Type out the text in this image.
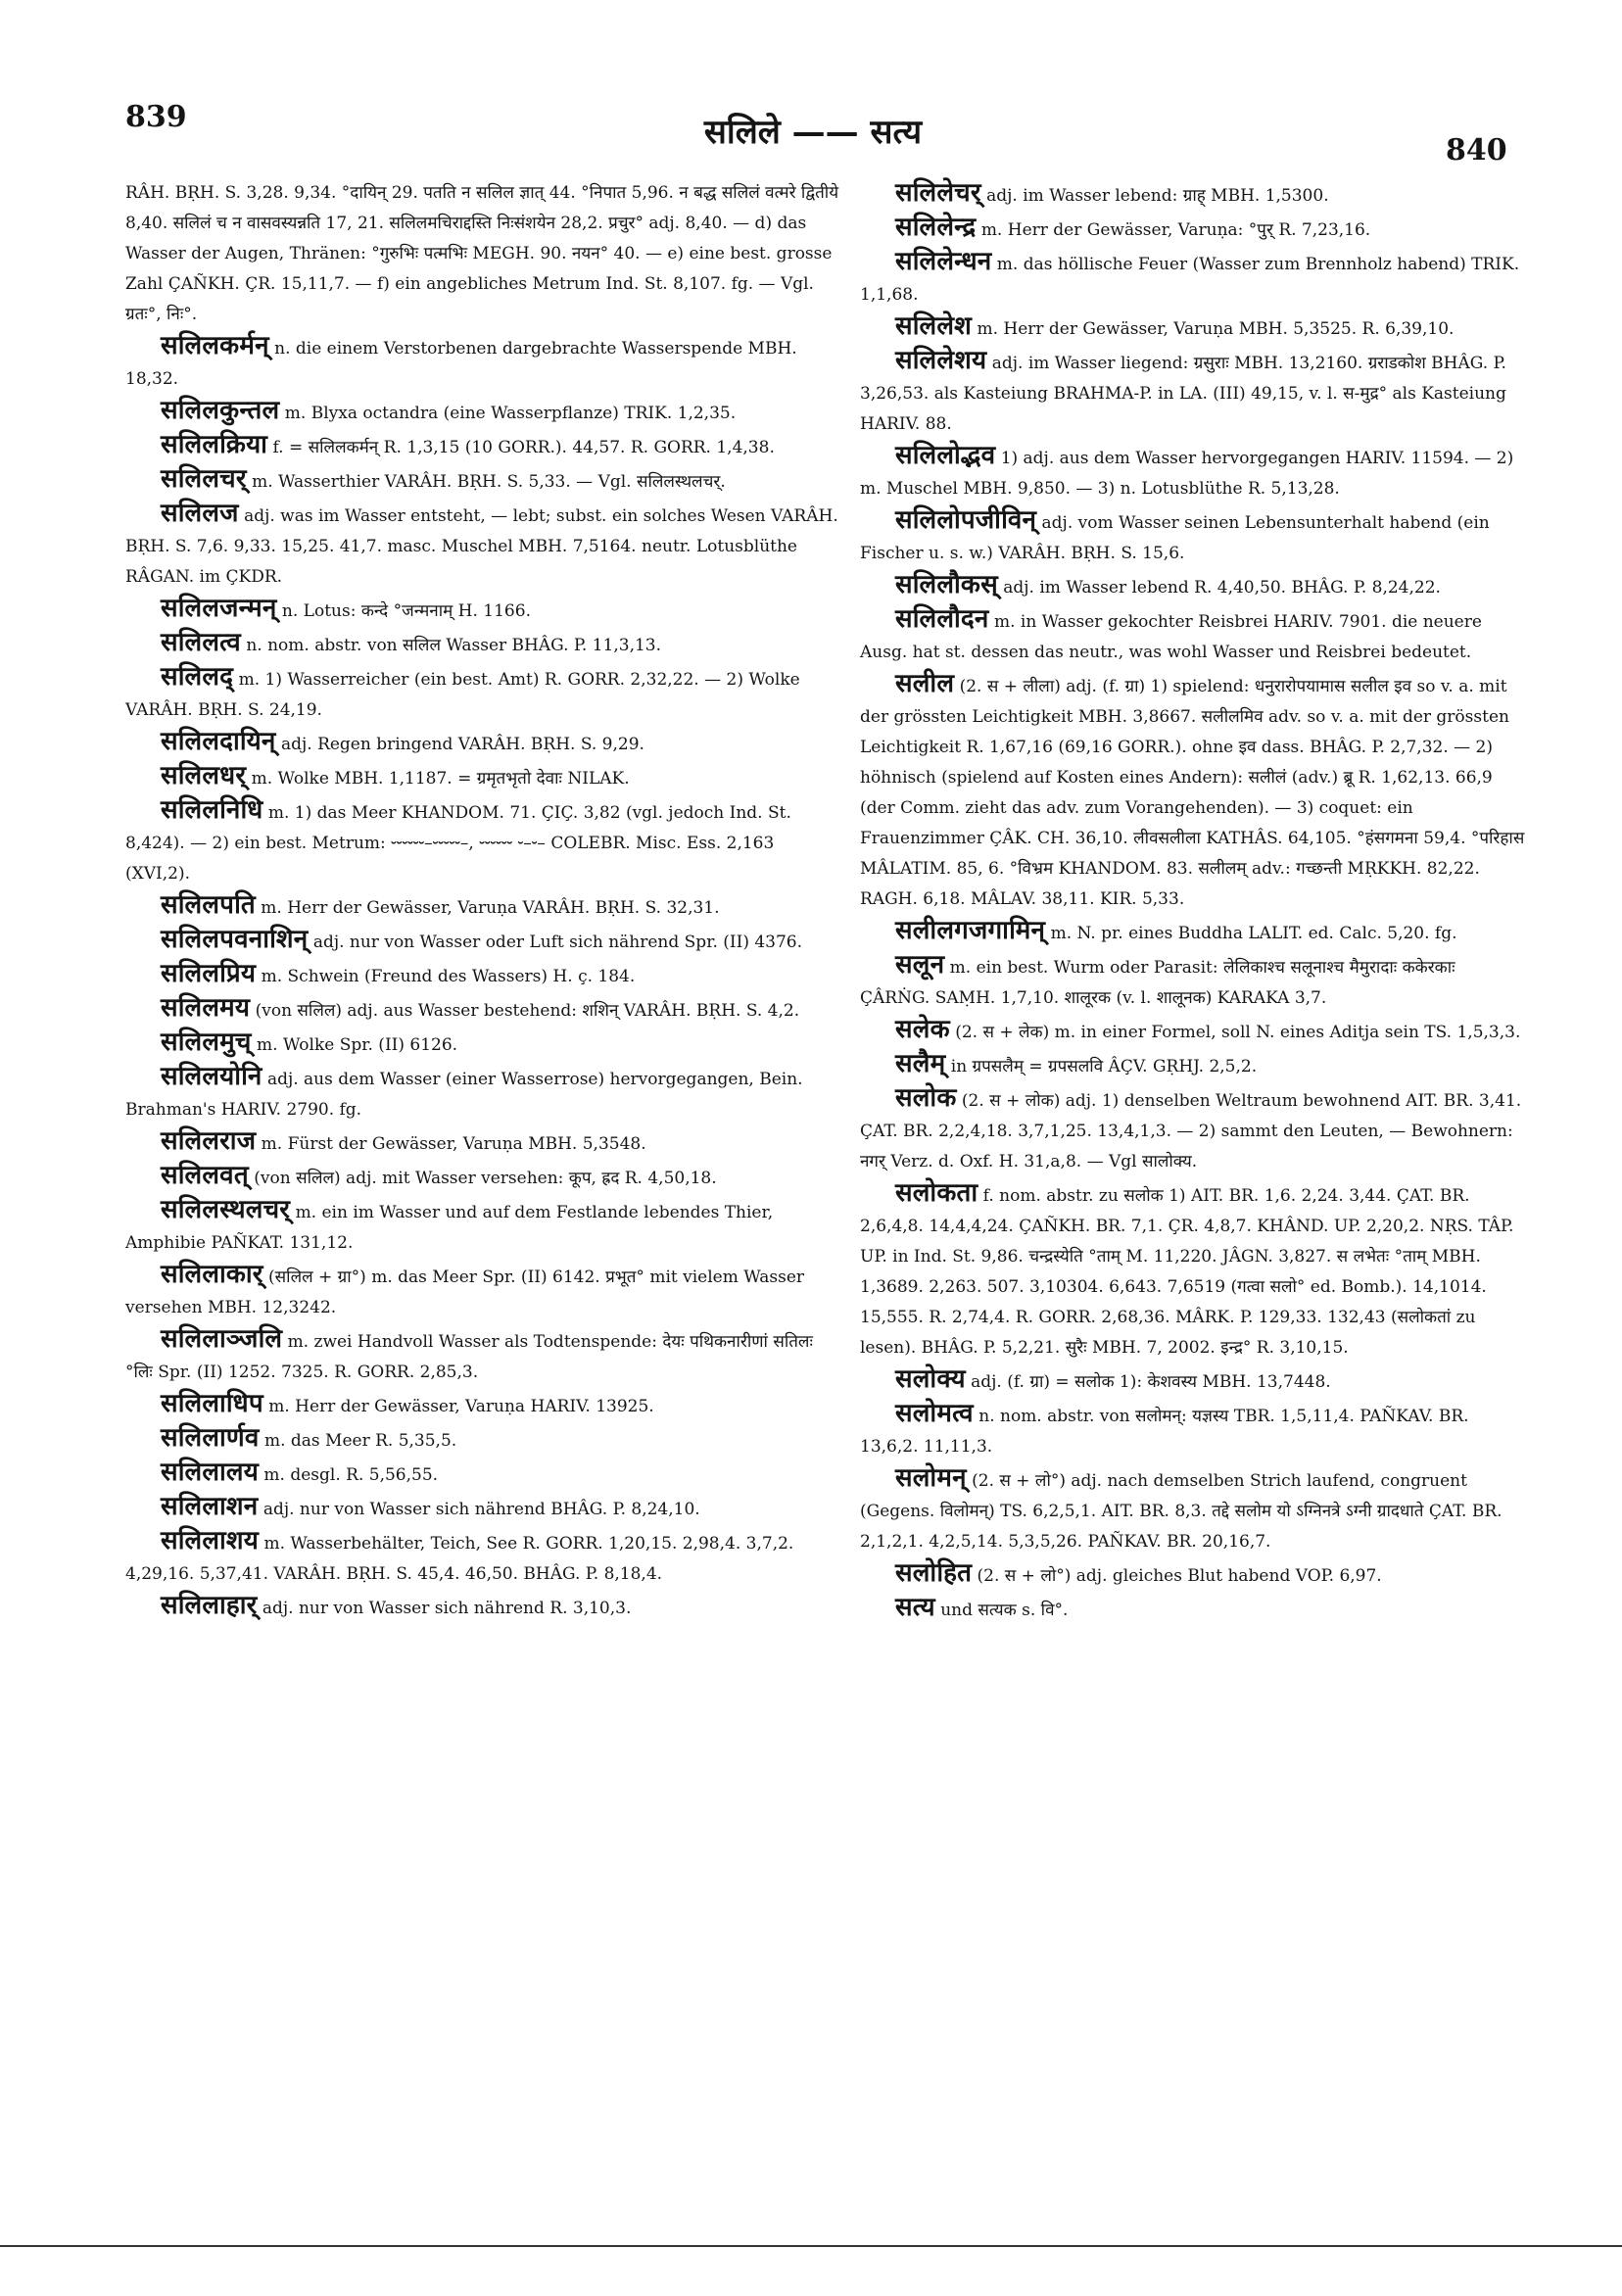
839	सलिले —— सत्य	840

RÂH. BṚH. S. 3,28. 9,34. °दायिन् 29. पतति न सलिल ज्ञात् 44. °निपात 5,96. न बद्ध सलिलं वत्मरे द्वितीये 8,40. सलिलं च न वासवस्यन्नति 17, 21. सलिलमचिराद्दस्ति निःसंशयेन 28,2. प्रचुर° adj. 8,40. — d) das Wasser der Augen, Thränen: °गुरुभिः पत्मभिः MEGH. 90. नयन° 40. — e) eine best. grosse Zahl ÇAÑKH. ÇR. 15,11,7. — f) ein angebliches Metrum Ind. St. 8,107. fg. — Vgl. ग्रतः°, निः°.

सलिलकर्मन् n. die einem Verstorbenen dargebrachte Wasserspende MBH. 18,32.

सलिलकुन्तल m. Blyxa octandra (eine Wasserpflanze) TRIK. 1,2,35.

सलिलक्रिया f. = सलिलकर्मन् R. 1,3,15 (10 GORR.). 44,57. R. GORR. 1,4,38.

सलिलचर् m. Wasserthier VARÂH. BṚH. S. 5,33. — Vgl. सलिलस्थलचर्.

सलिलज adj. was im Wasser entsteht, — lebt; subst. ein solches Wesen VARÂH. BṚH. S. 7,6. 9,33. 15,25. 41,7. masc. Muschel MBH. 7,5164. neutr. Lotusblüthe RÂGAN. im ÇKDR.

सलिलजन्मन् n. Lotus: कन्दे °जन्मनाम् H. 1166.

सलिलत्व n. nom. abstr. von सलिल Wasser BHÂG. P. 11,3,13.

सलिलद् m. 1) Wasserreicher (ein best. Amt) R. GORR. 2,32,22. — 2) Wolke VARÂH. BṚH. S. 24,19.

सलिलदायिन् adj. Regen bringend VARÂH. BṚH. S. 9,29.

सलिलधर् m. Wolke MBH. 1,1187. = ग्रमृतभृतो देवाः NILAK.

सलिलनिधि m. 1) das Meer KHANDOM. 71. ÇIÇ. 3,82 (vgl. jedoch Ind. St. 8,424). — 2) ein best. Metrum: ⏑⏑⏑⏑⏑⏑–⏑⏑⏑⏑⏑–, ⏑⏑⏑⏑⏑⏑ ⏑–⏑– COLEBR. Misc. Ess. 2,163 (XVI,2).

सलिलपति m. Herr der Gewässer, Varuṇa VARÂH. BṚH. S. 32,31.

सलिलपवनाशिन् adj. nur von Wasser oder Luft sich nährend Spr. (II) 4376.

सलिलप्रिय m. Schwein (Freund des Wassers) H. ç. 184.

सलिलमय (von सलिल) adj. aus Wasser bestehend: शशिन् VARÂH. BṚH. S. 4,2.

सलिलमुच् m. Wolke Spr. (II) 6126.

सलिलयोनि adj. aus dem Wasser (einer Wasserrose) hervorgegangen, Bein. Brahman's HARIV. 2790. fg.

सलिलराज m. Fürst der Gewässer, Varuṇa MBH. 5,3548.

सलिलवत् (von सलिल) adj. mit Wasser versehen: कूप, ह्रद R. 4,50,18.

सलिलस्थलचर् m. ein im Wasser und auf dem Festlande lebendes Thier, Amphibie PAÑKAT. 131,12.

सलिलाकार् (सलिल + ग्रा°) m. das Meer Spr. (II) 6142. प्रभूत° mit vielem Wasser versehen MBH. 12,3242.

सलिलाञ्जलि m. zwei Handvoll Wasser als Todtenspende: देयः पथिकनारीणां सतिलः °लिः Spr. (II) 1252. 7325. R. GORR. 2,85,3.

सलिलाधिप m. Herr der Gewässer, Varuṇa HARIV. 13925.

सलिलार्णव m. das Meer R. 5,35,5.

सलिलालय m. desgl. R. 5,56,55.

सलिलाशन adj. nur von Wasser sich nährend BHÂG. P. 8,24,10.

सलिलाशय m. Wasserbehälter, Teich, See R. GORR. 1,20,15. 2,98,4. 3,7,2. 4,29,16. 5,37,41. VARÂH. BṚH. S. 45,4. 46,50. BHÂG. P. 8,18,4.

सलिलाहार् adj. nur von Wasser sich nährend R. 3,10,3.

सलिलेचर् adj. im Wasser lebend: ग्राह् MBH. 1,5300.

सलिलेन्द्र m. Herr der Gewässer, Varuṇa: °पुर् R. 7,23,16.

सलिलेन्धन m. das höllische Feuer (Wasser zum Brennholz habend) TRIK. 1,1,68.

सलिलेश m. Herr der Gewässer, Varuṇa MBH. 5,3525. R. 6,39,10.

सलिलेशय adj. im Wasser liegend: ग्रसुराः MBH. 13,2160. ग्रराडकोश BHÂG. P. 3,26,53. als Kasteiung BRAHMA-P. in LA. (III) 49,15, v. l. स-मुद्र° als Kasteiung HARIV. 88.

सलिलोद्भव 1) adj. aus dem Wasser hervorgegangen HARIV. 11594. — 2) m. Muschel MBH. 9,850. — 3) n. Lotusblüthe R. 5,13,28.

सलिलोपजीविन् adj. vom Wasser seinen Lebensunterhalt habend (ein Fischer u. s. w.) VARÂH. BṚH. S. 15,6.

सलिलौकस् adj. im Wasser lebend R. 4,40,50. BHÂG. P. 8,24,22.

सलिलौदन m. in Wasser gekochter Reisbrei HARIV. 7901. die neuere Ausg. hat st. dessen das neutr., was wohl Wasser und Reisbrei bedeutet.

सलील (2. स + लीला) adj. (f. ग्रा) 1) spielend: धनुरारोपयामास सलील इव so v. a. mit der grössten Leichtigkeit MBH. 3,8667. सलीलमिव adv. so v. a. mit der grössten Leichtigkeit R. 1,67,16 (69,16 GORR.). ohne इव dass. BHÂG. P. 2,7,32. — 2) höhnisch (spielend auf Kosten eines Andern): सलीलं (adv.) ब्रू R. 1,62,13. 66,9 (der Comm. zieht das adv. zum Vorangehenden). — 3) coquet: ein Frauenzimmer ÇÂK. CH. 36,10. लीवसलीला KATHÂS. 64,105. °हंसगमना 59,4. °परिहास MÂLATIM. 85, 6. °विभ्रम KHANDOM. 83. सलीलम् adv.: गच्छन्ती MṚKKH. 82,22. RAGH. 6,18. MÂLAV. 38,11. KIR. 5,33.

सलीलगजगामिन् m. N. pr. eines Buddha LALIT. ed. Calc. 5,20. fg.

सलून m. ein best. Wurm oder Parasit: लेलिकाश्च सलूनाश्च मैमुरादाः ककेरकाः ÇÂRṄG. SAṂH. 1,7,10. शालूरक (v. l. शालूनक) KARAKA 3,7.

सलेक (2. स + लेक) m. in einer Formel, soll N. eines Aditja sein TS. 1,5,3,3.

सलैम् in ग्रपसलैम् = ग्रपसलवि ÂÇV. GṚHJ. 2,5,2.

सलोक (2. स + लोक) adj. 1) denselben Weltraum bewohnend AIT. BR. 3,41. ÇAT. BR. 2,2,4,18. 3,7,1,25. 13,4,1,3. — 2) sammt den Leuten, — Bewohnern: नगर् Verz. d. Oxf. H. 31,a,8. — Vgl सालोक्य.

सलोकता f. nom. abstr. zu सलोक 1) AIT. BR. 1,6. 2,24. 3,44. ÇAT. BR. 2,6,4,8. 14,4,4,24. ÇAÑKH. BR. 7,1. ÇR. 4,8,7. KHÂND. UP. 2,20,2. NṚS. TÂP. UP. in Ind. St. 9,86. चन्द्रस्येति °ताम् M. 11,220. JÂGN. 3,827. स लभेतः °ताम् MBH. 1,3689. 2,263. 507. 3,10304. 6,643. 7,6519 (गत्वा सलो° ed. Bomb.). 14,1014. 15,555. R. 2,74,4. R. GORR. 2,68,36. MÂRK. P. 129,33. 132,43 (सलोकतां zu lesen). BHÂG. P. 5,2,21. सुरैः MBH. 7, 2002. इन्द्र° R. 3,10,15.

सलोक्य adj. (f. ग्रा) = सलोक 1): केशवस्य MBH. 13,7448.

सलोमत्व n. nom. abstr. von सलोमन्: यज्ञस्य TBR. 1,5,11,4. PAÑKAV. BR. 13,6,2. 11,11,3.

सलोमन् (2. स + लो°) adj. nach demselben Strich laufend, congruent (Gegens. विलोमन्) TS. 6,2,5,1. AIT. BR. 8,3. तद्दे सलोम यो ऽग्निनत्रे ऽग्नी ग्रादधाते ÇAT. BR. 2,1,2,1. 4,2,5,14. 5,3,5,26. PAÑKAV. BR. 20,16,7.

सलोहित (2. स + लो°) adj. gleiches Blut habend VOP. 6,97.

सत्य und सत्यक s. वि°.
